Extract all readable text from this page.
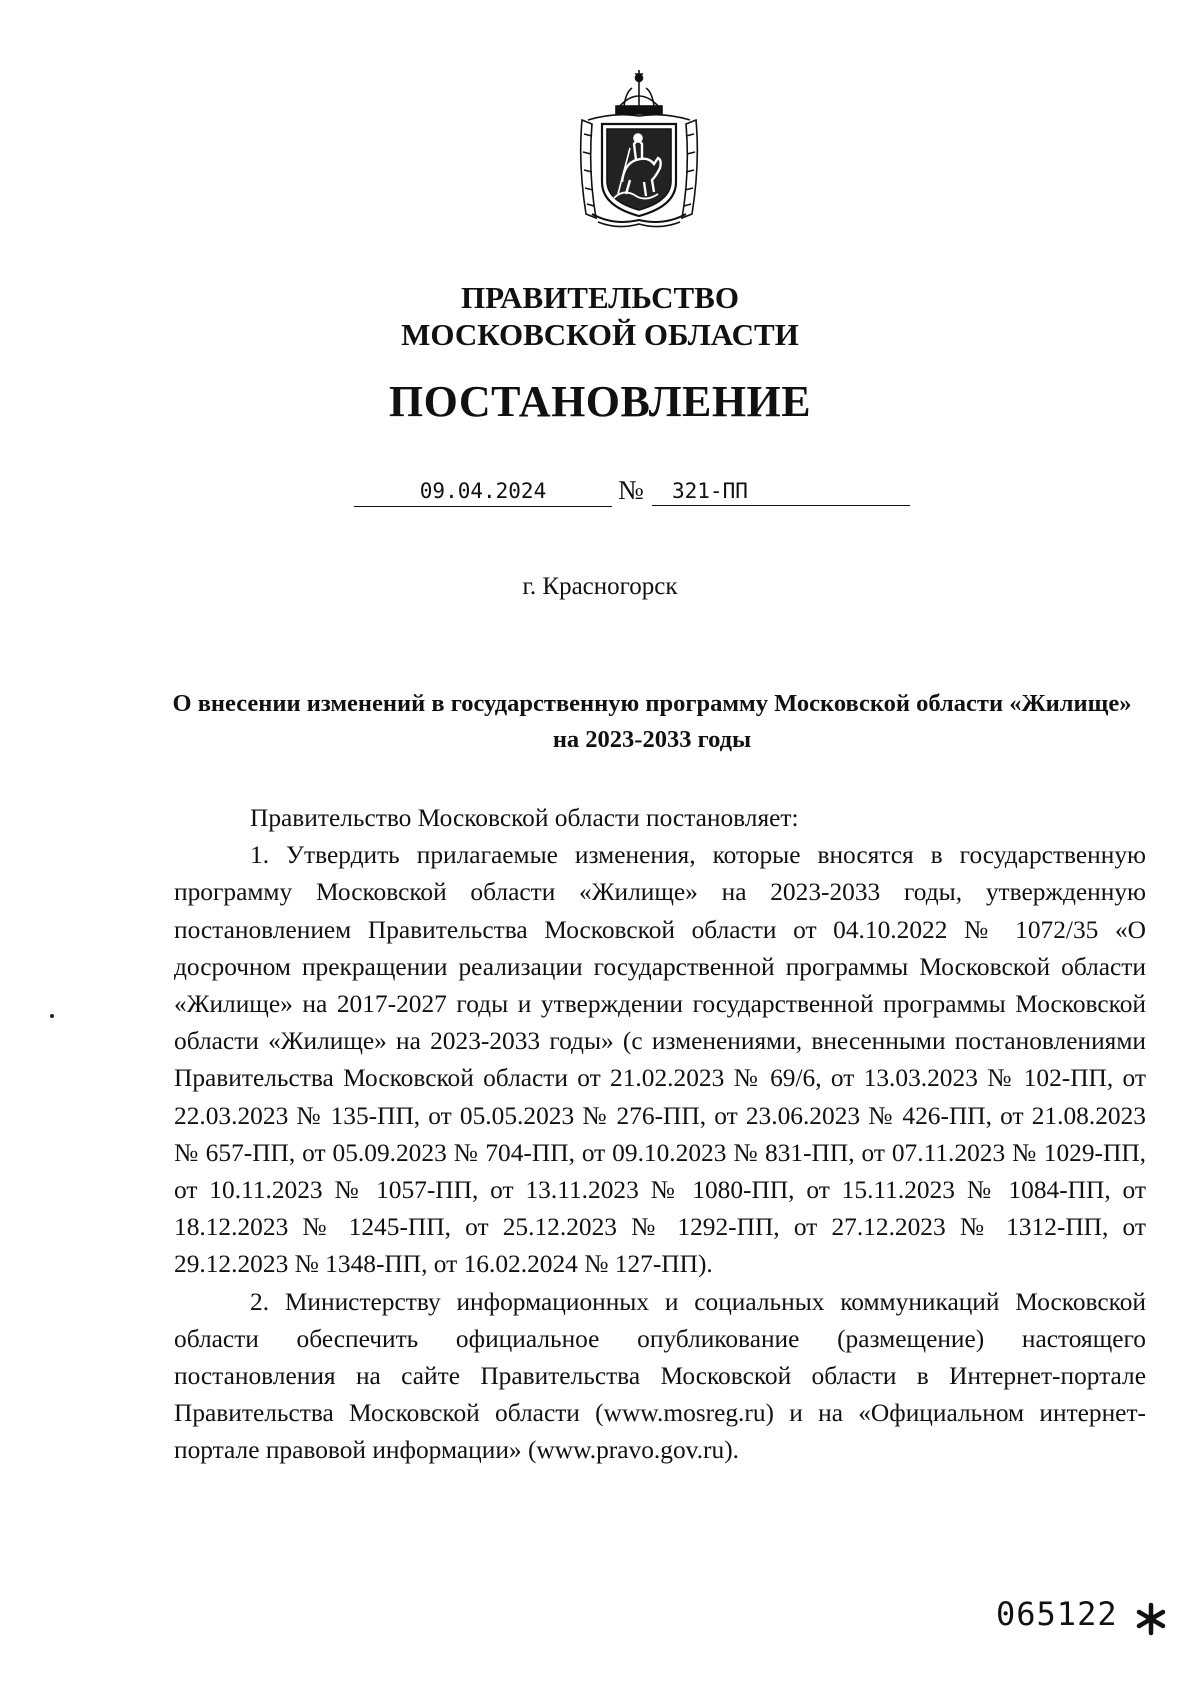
ПРАВИТЕЛЬСТВО
МОСКОВСКОЙ ОБЛАСТИ
ПОСТАНОВЛЕНИЕ
09.04.2024	№	321-ПП
г. Красногорск
О внесении изменений в государственную программу Московской области «Жилище» на 2023-2033 годы

Правительство Московской области постановляет:

1. Утвердить прилагаемые изменения, которые вносятся в государственную программу Московской области «Жилище» на 2023-2033 годы, утвержденную постановлением Правительства Московской области от 04.10.2022 № 1072/35 «О досрочном прекращении реализации государственной программы Московской области «Жилище» на 2017-2027 годы и утверждении государственной программы Московской области «Жилище» на 2023-2033 годы» (с изменениями, внесенными постановлениями Правительства Московской области от 21.02.2023 № 69/6, от 13.03.2023 № 102-ПП, от 22.03.2023 № 135-ПП, от 05.05.2023 № 276-ПП, от 23.06.2023 № 426-ПП, от 21.08.2023 № 657-ПП, от 05.09.2023 № 704-ПП, от 09.10.2023 № 831-ПП, от 07.11.2023 № 1029-ПП, от 10.11.2023 № 1057-ПП, от 13.11.2023 № 1080-ПП, от 15.11.2023 № 1084-ПП, от 18.12.2023 № 1245-ПП, от 25.12.2023 № 1292-ПП, от 27.12.2023 № 1312-ПП, от 29.12.2023 № 1348-ПП, от 16.02.2024 № 127-ПП).

2. Министерству информационных и социальных коммуникаций Московской области обеспечить официальное опубликование (размещение) настоящего постановления на сайте Правительства Московской области в Интернет-портале Правительства Московской области (www.mosreg.ru) и на «Официальном интернет-портале правовой информации» (www.pravo.gov.ru).

065122
